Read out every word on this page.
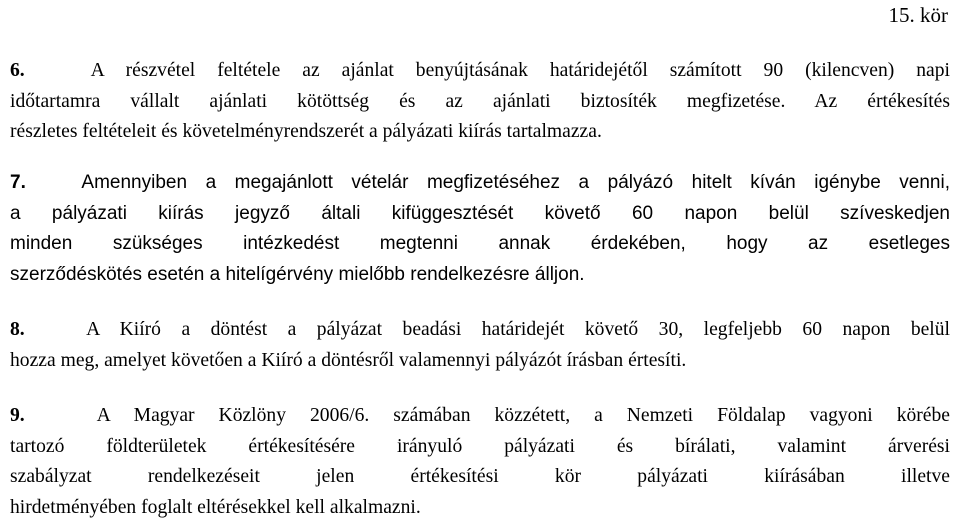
15. kör
6.	A részvétel feltétele az ajánlat benyújtásának határidejétől számított 90 (kilencven) napi
időtartamra vállalt ajánlati kötöttség és az ajánlati biztosíték megfizetése. Az értékesítés
részletes feltételeit és követelményrendszerét a pályázati kiírás tartalmazza.
7.	Amennyiben a megajánlott vételár megfizetéséhez a pályázó hitelt kíván igénybe venni,
a pályázati kiírás jegyző általi kifüggesztését követő 60 napon belül szíveskedjen
minden szükséges intézkedést megtenni annak érdekében, hogy az esetleges
szerződéskötés esetén a hitelígérvény mielőbb rendelkezésre álljon.
8.	A Kiíró a döntést a pályázat beadási határidejét követő 30, legfeljebb 60 napon belül
hozza meg, amelyet követően a Kiíró a döntésről valamennyi pályázót írásban értesíti.
9.	A Magyar Közlöny 2006/6. számában közzétett, a Nemzeti Földalap vagyoni körébe
tartozó földterületek értékesítésére irányuló pályázati és bírálati, valamint árverési
szabályzat rendelkezéseit jelen értékesítési kör pályázati kiírásában illetve
hirdetményében foglalt eltérésekkel kell alkalmazni.
